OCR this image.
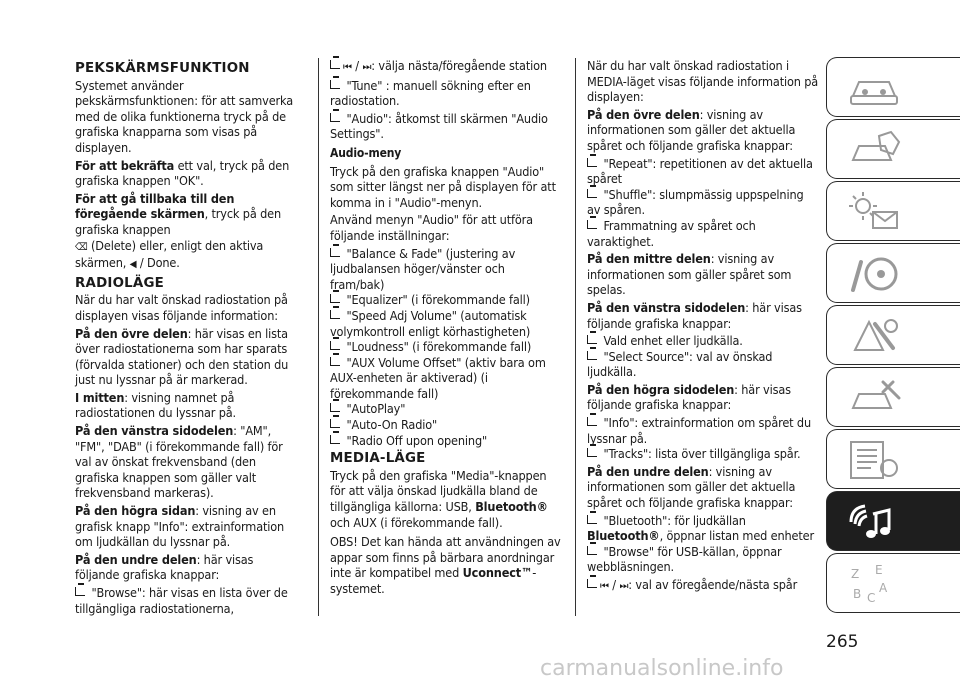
PEKSKÄRMSFUNKTION

Systemet använder pekskärmsfunktionen: för att samverka med de olika funktionerna tryck på de grafiska knapparna som visas på displayen.

För att bekräfta ett val, tryck på den grafiska knappen "OK".

För att gå tillbaka till den föregående skärmen, tryck på den grafiska knappen
⌫ (Delete) eller, enligt den aktiva skärmen, ◀ / Done.

RADIOLÄGE

När du har valt önskad radiostation på displayen visas följande information:

På den övre delen: här visas en lista över radiostationerna som har sparats (förvalda stationer) och den station du just nu lyssnar på är markerad.

I mitten: visning namnet på radiostationen du lyssnar på.

På den vänstra sidodelen: "AM", "FM", "DAB" (i förekommande fall) för val av önskat frekvensband (den grafiska knappen som gäller valt frekvensband markeras).

På den högra sidan: visning av en grafisk knapp "Info": extrainformation om ljudkällan du lyssnar på.

På den undre delen: här visas följande grafiska knappar:

"Browse": här visas en lista över de tillgängliga radiostationerna,

⏮ / ⏭: välja nästa/föregående station

"Tune" : manuell sökning efter en radiostation.

"Audio": åtkomst till skärmen "Audio Settings".

Audio-meny

Tryck på den grafiska knappen "Audio" som sitter längst ner på displayen för att komma in i "Audio"-menyn.

Använd menyn "Audio" för att utföra följande inställningar:

"Balance & Fade" (justering av ljudbalansen höger/vänster och fram/bak)

"Equalizer" (i förekommande fall)

"Speed Adj Volume" (automatisk volymkontroll enligt körhastigheten)

"Loudness" (i förekommande fall)

"AUX Volume Offset" (aktiv bara om AUX-enheten är aktiverad) (i förekommande fall)

"AutoPlay"

"Auto-On Radio"

"Radio Off upon opening"

MEDIA-LÄGE

Tryck på den grafiska "Media"-knappen för att välja önskad ljudkälla bland de tillgängliga källorna: USB, Bluetooth® och AUX (i förekommande fall).

OBS! Det kan hända att användningen av appar som finns på bärbara anordningar inte är kompatibel med Uconnect™-systemet.

När du har valt önskad radiostation i MEDIA-läget visas följande information på displayen:

På den övre delen: visning av informationen som gäller det aktuella spåret och följande grafiska knappar:

"Repeat": repetitionen av det aktuella spåret

"Shuffle": slumpmässig uppspelning av spåren.

Frammatning av spåret och varaktighet.

På den mittre delen: visning av informationen som gäller spåret som spelas.

På den vänstra sidodelen: här visas följande grafiska knappar:

Vald enhet eller ljudkälla.

"Select Source": val av önskad ljudkälla.

På den högra sidodelen: här visas följande grafiska knappar:

"Info": extrainformation om spåret du lyssnar på.

"Tracks": lista över tillgängliga spår.

På den undre delen: visning av informationen som gäller det aktuella spåret och följande grafiska knappar:

"Bluetooth": för ljudkällan Bluetooth®, öppnar listan med enheter

"Browse" för USB-källan, öppnar webbläsningen.

⏮ / ⏭: val av föregående/nästa spår

Z E
B C
A
265
carmanualsonline.info
